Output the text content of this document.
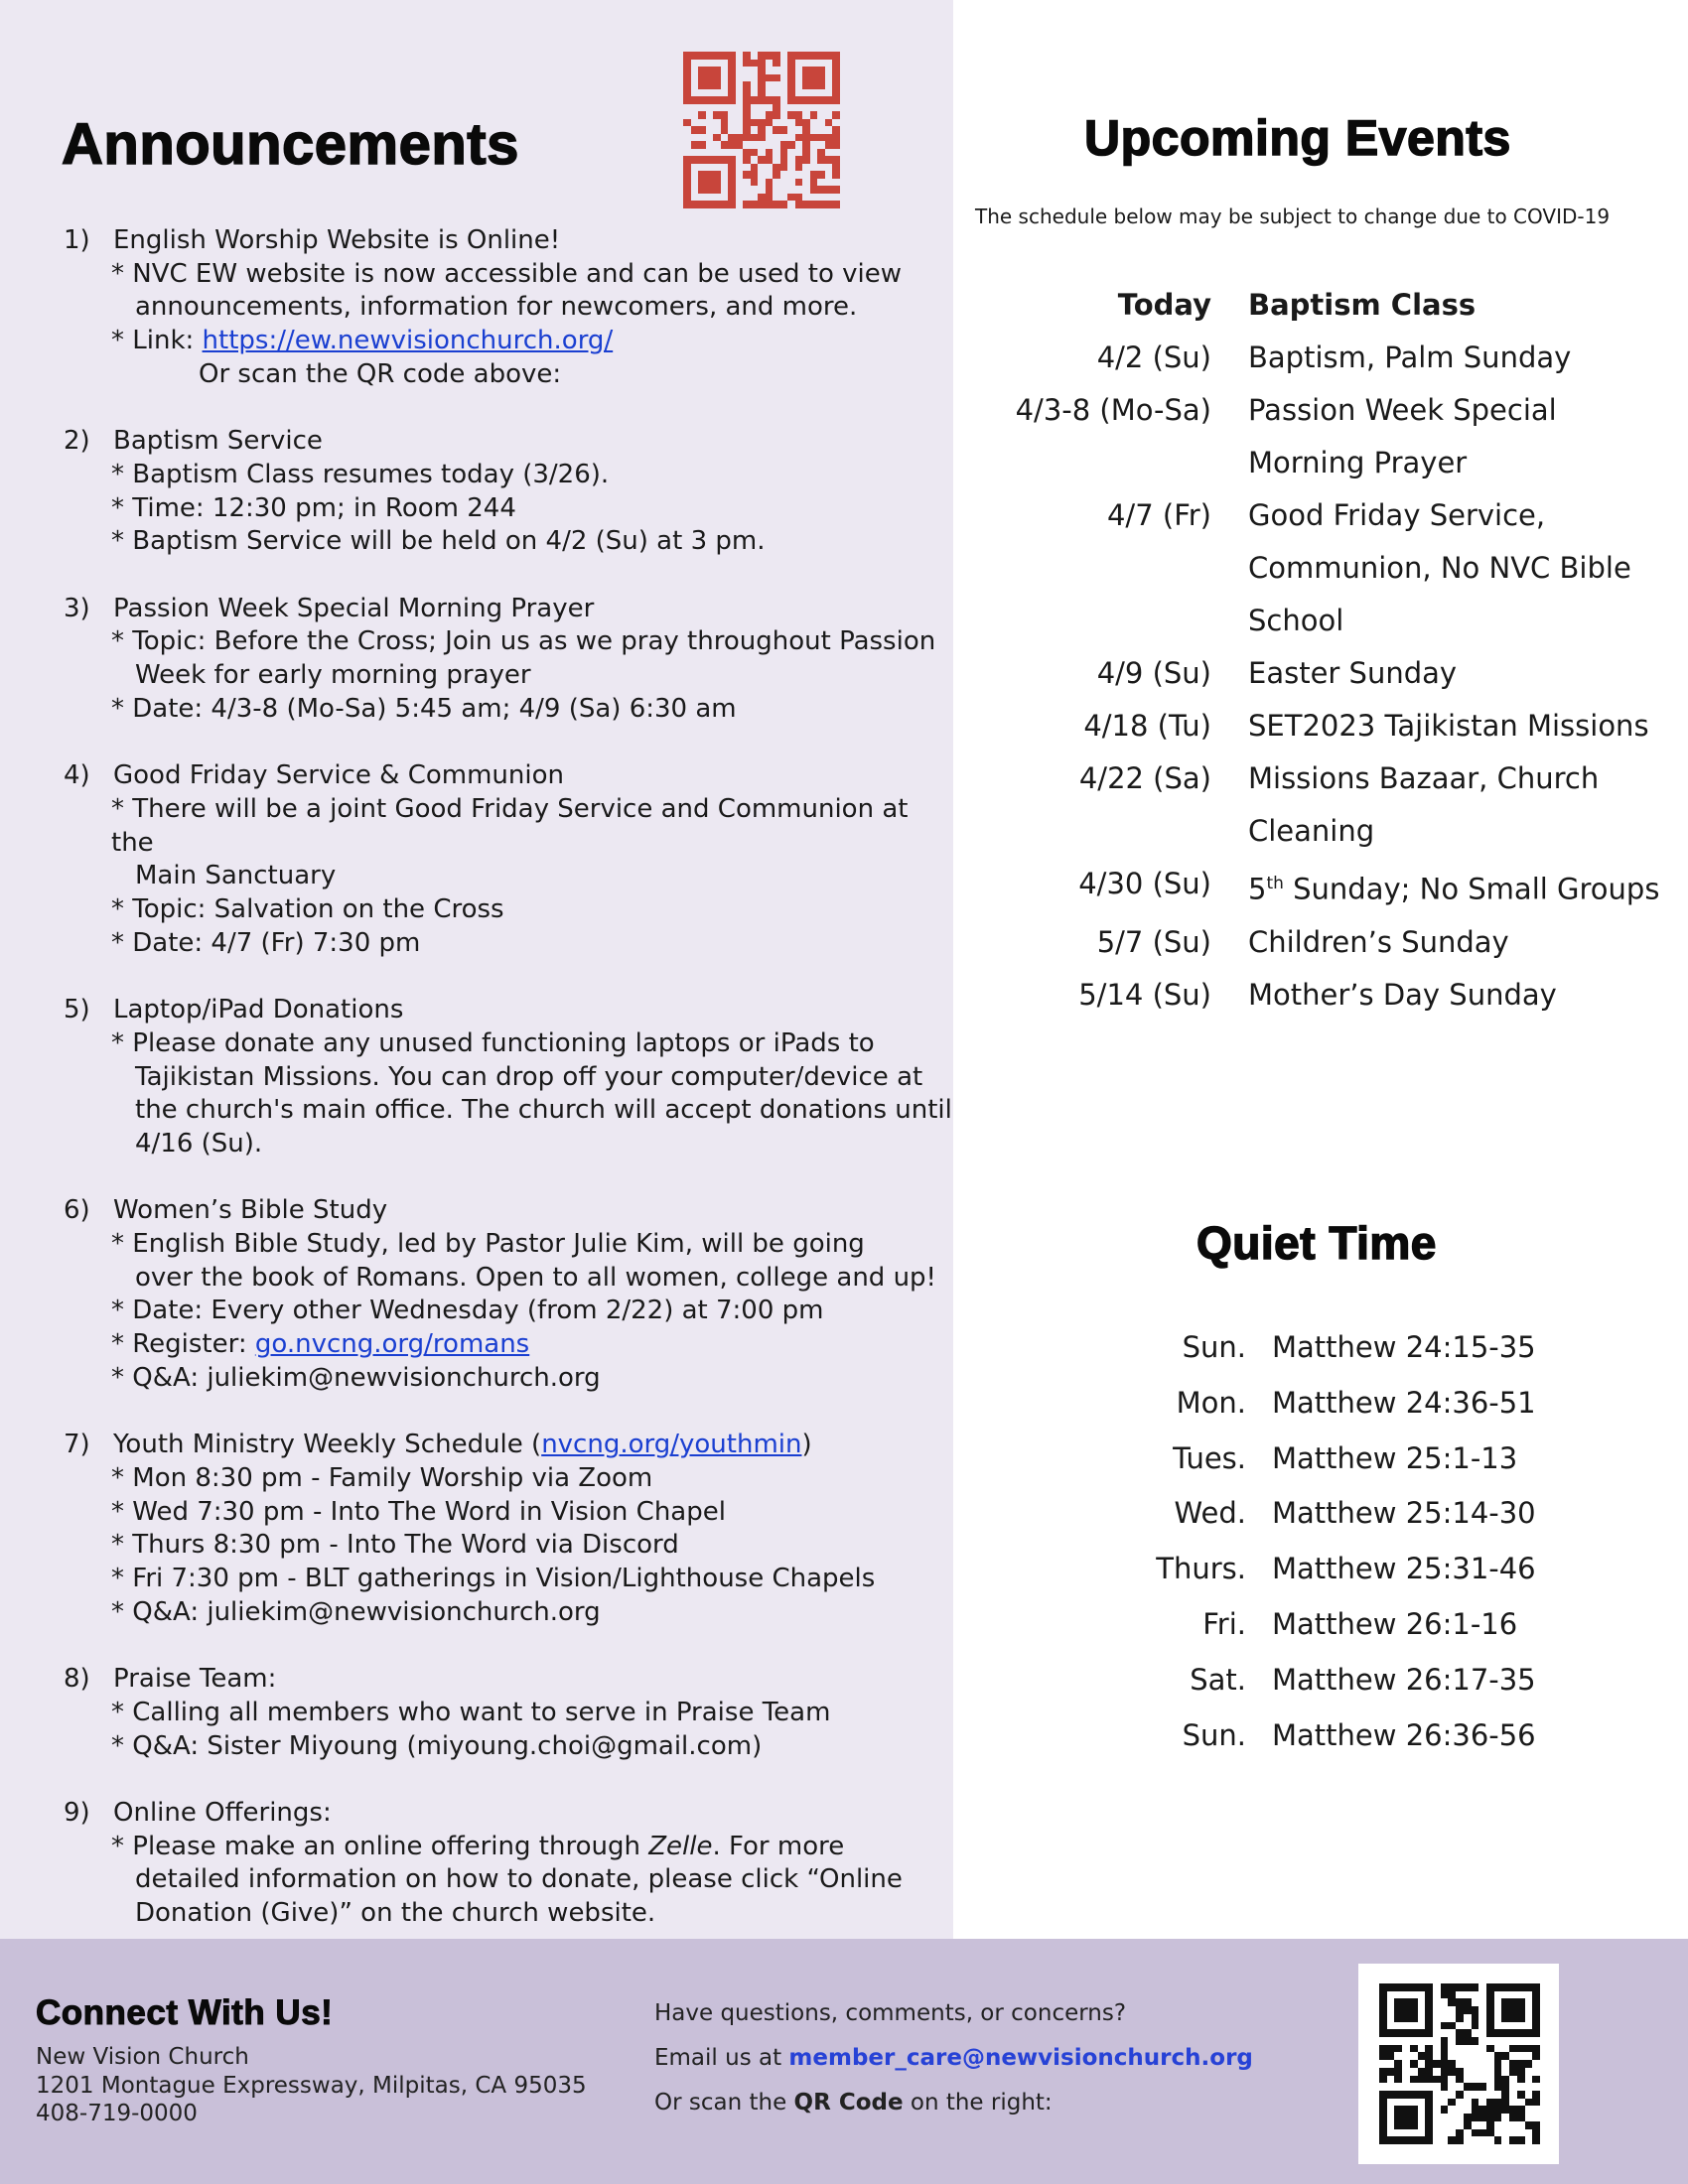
Announcements
1) English Worship Website is Online!
* NVC EW website is now accessible and can be used to view
announcements, information for newcomers, and more.
* Link: https://ew.newvisionchurch.org/
Or scan the QR code above:
2) Baptism Service
* Baptism Class resumes today (3/26).
* Time: 12:30 pm; in Room 244
* Baptism Service will be held on 4/2 (Su) at 3 pm.
3) Passion Week Special Morning Prayer
* Topic: Before the Cross; Join us as we pray throughout Passion
Week for early morning prayer
* Date: 4/3-8 (Mo-Sa) 5:45 am; 4/9 (Sa) 6:30 am
4) Good Friday Service & Communion
* There will be a joint Good Friday Service and Communion at the
Main Sanctuary
* Topic: Salvation on the Cross
* Date: 4/7 (Fr) 7:30 pm
5) Laptop/iPad Donations
* Please donate any unused functioning laptops or iPads to
Tajikistan Missions. You can drop off your computer/device at
the church's main office. The church will accept donations until
4/16 (Su).
6) Women’s Bible Study
* English Bible Study, led by Pastor Julie Kim, will be going
over the book of Romans. Open to all women, college and up!
* Date: Every other Wednesday (from 2/22) at 7:00 pm
* Register: go.nvcng.org/romans
* Q&A: juliekim@newvisionchurch.org
7) Youth Ministry Weekly Schedule (nvcng.org/youthmin)
* Mon 8:30 pm - Family Worship via Zoom
* Wed 7:30 pm - Into The Word in Vision Chapel
* Thurs 8:30 pm - Into The Word via Discord
* Fri 7:30 pm - BLT gatherings in Vision/Lighthouse Chapels
* Q&A: juliekim@newvisionchurch.org
8) Praise Team:
* Calling all members who want to serve in Praise Team
* Q&A: Sister Miyoung (miyoung.choi@gmail.com)
9) Online Offerings:
* Please make an online offering through Zelle. For more
detailed information on how to donate, please click “Online
Donation (Give)” on the church website.
Upcoming Events
The schedule below may be subject to change due to COVID-19
Today	Baptism Class
4/2 (Su)	Baptism, Palm Sunday
4/3-8 (Mo-Sa)	Passion Week Special
Morning Prayer
4/7 (Fr)	Good Friday Service,
Communion, No NVC Bible
School
4/9 (Su)	Easter Sunday
4/18 (Tu)	SET2023 Tajikistan Missions
4/22 (Sa)	Missions Bazaar, Church
Cleaning
4/30 (Su)	5th Sunday; No Small Groups
5/7 (Su)	Children’s Sunday
5/14 (Su)	Mother’s Day Sunday
Quiet Time
Sun. Matthew 24:15-35
Mon. Matthew 24:36-51
Tues. Matthew 25:1-13
Wed. Matthew 25:14-30
Thurs. Matthew 25:31-46
Fri. Matthew 26:1-16
Sat. Matthew 26:17-35
Sun. Matthew 26:36-56
Connect With Us!
New Vision Church
1201 Montague Expressway, Milpitas, CA 95035
408-719-0000
Have questions, comments, or concerns?
Email us at member_care@newvisionchurch.org
Or scan the QR Code on the right:
